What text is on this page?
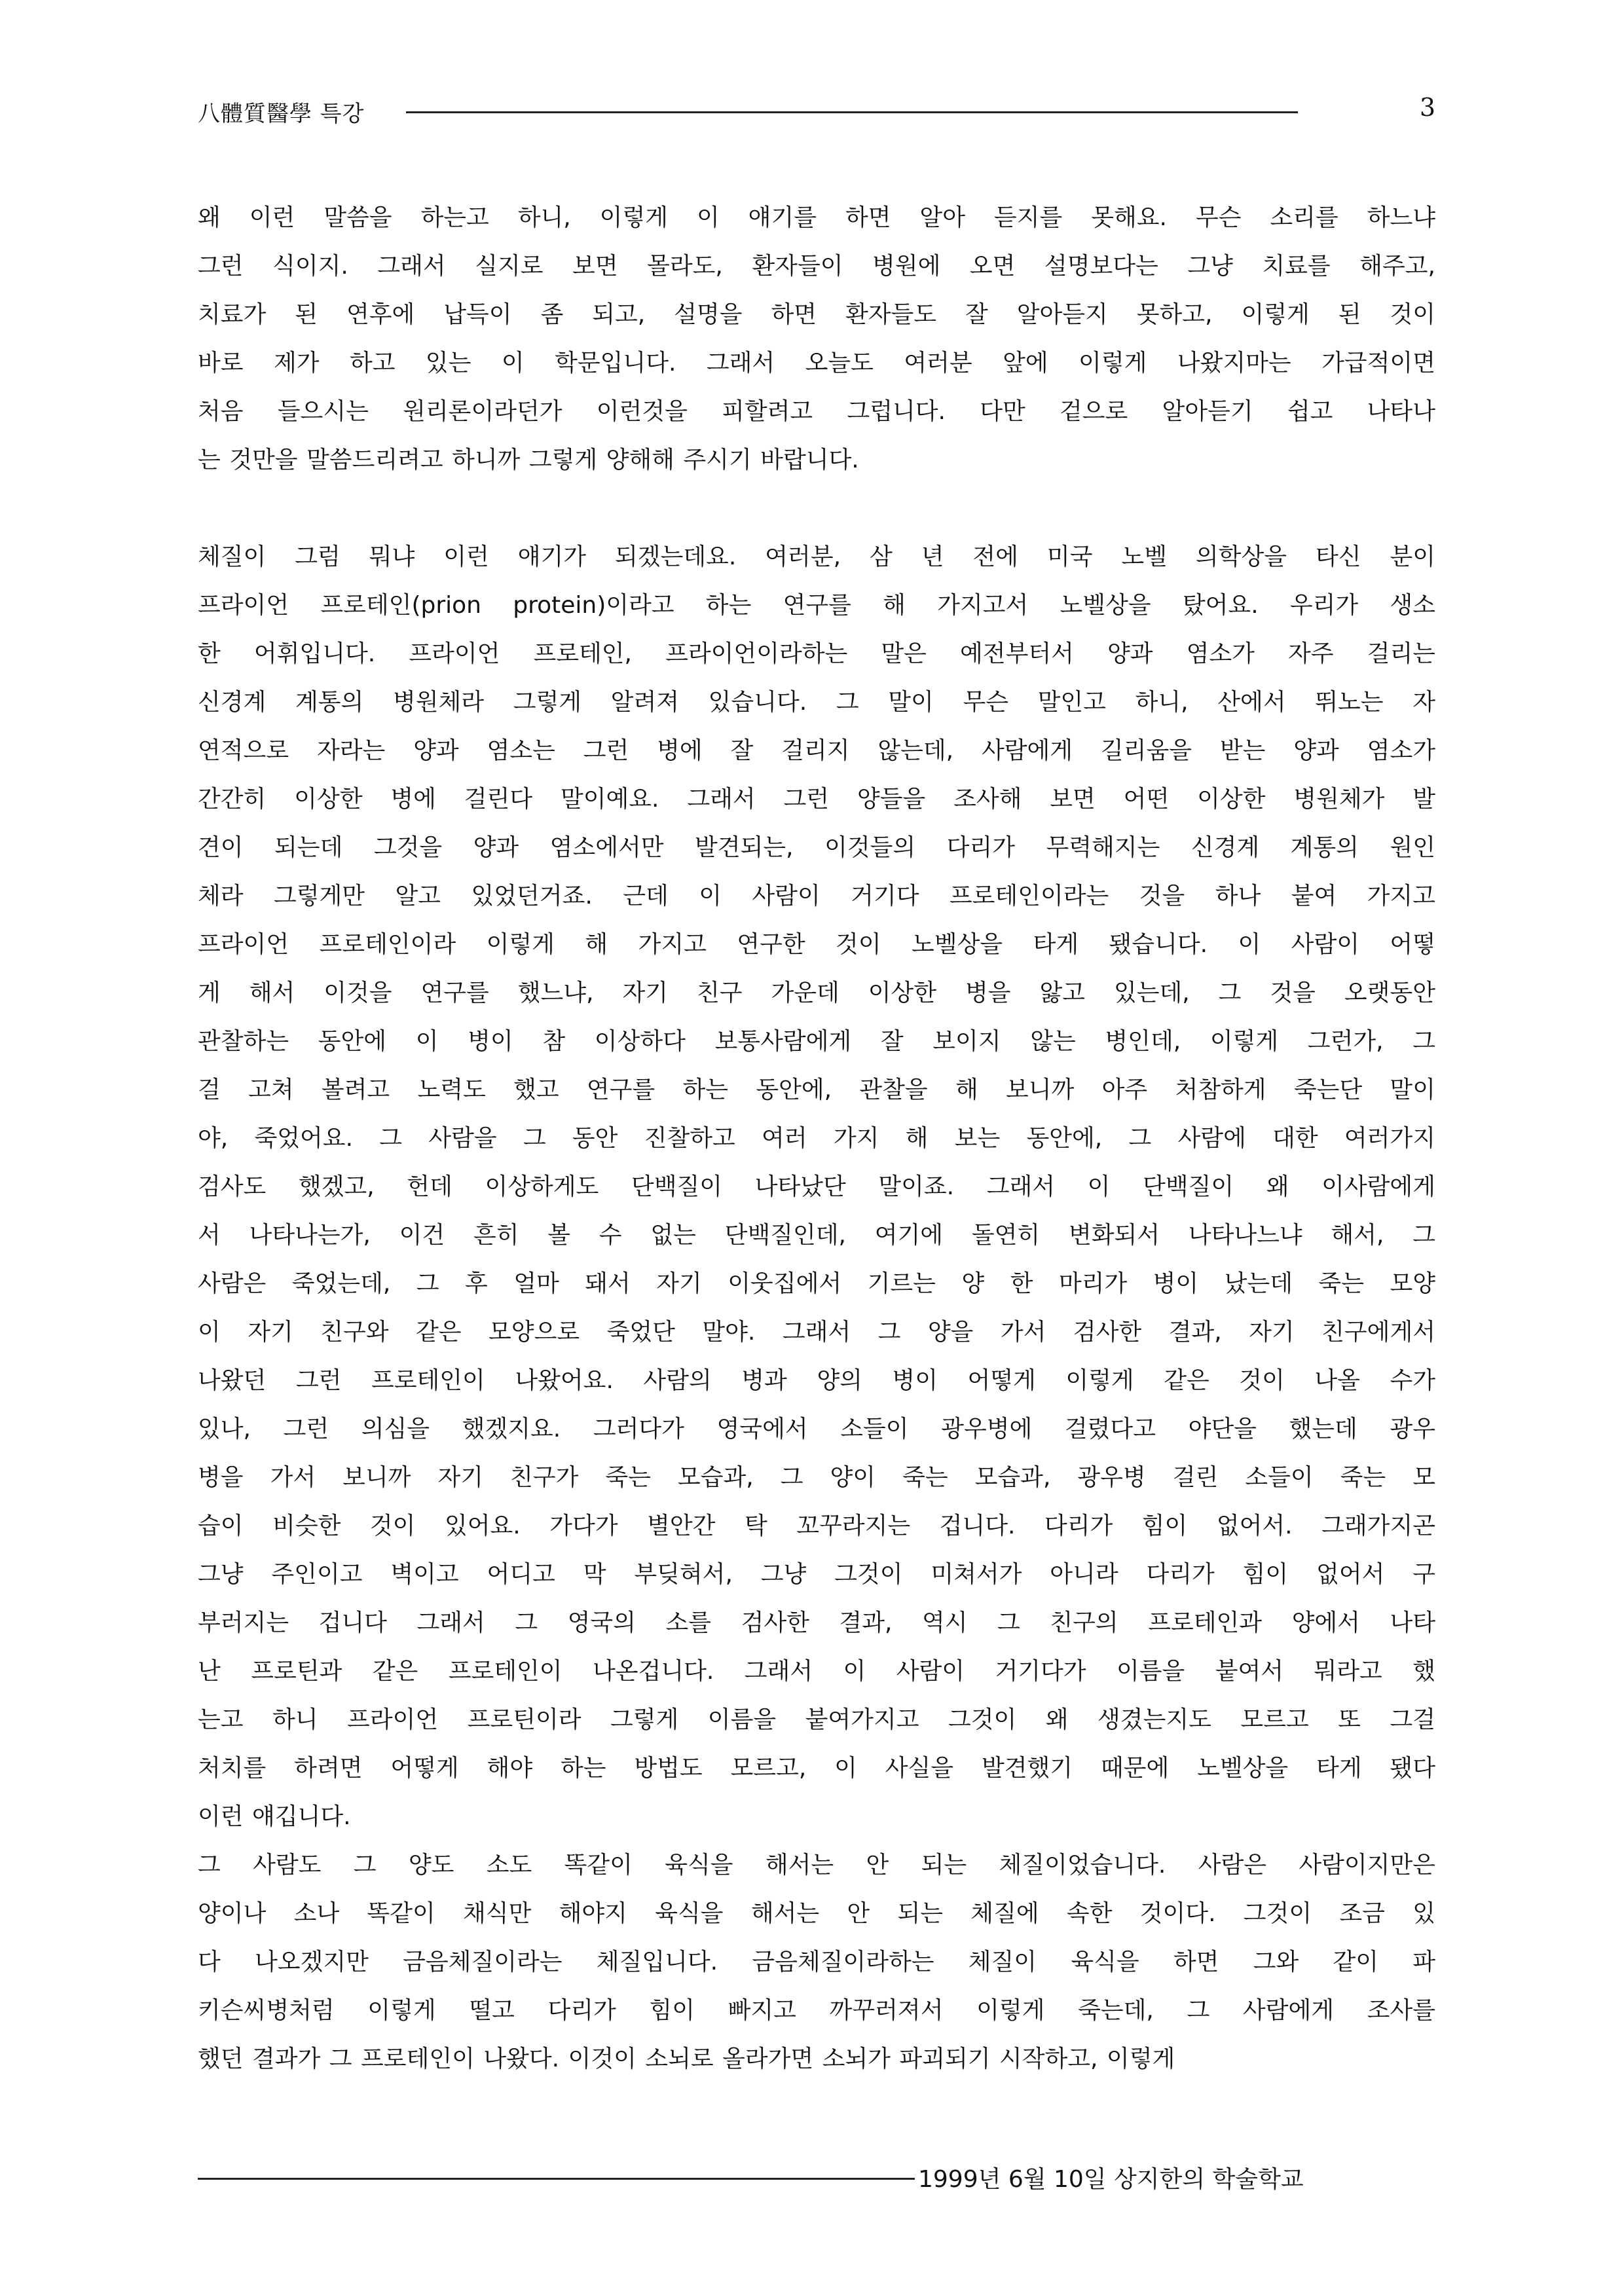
八體質醫學 특강	3
왜 이런 말씀을 하는고 하니, 이렇게 이 얘기를 하면 알아 듣지를 못해요. 무슨 소리를 하느냐
그런 식이지. 그래서 실지로 보면 몰라도, 환자들이 병원에 오면 설명보다는 그냥 치료를 해주고,
치료가 된 연후에 납득이 좀 되고, 설명을 하면 환자들도 잘 알아듣지 못하고, 이렇게 된 것이
바로 제가 하고 있는 이 학문입니다. 그래서 오늘도 여러분 앞에 이렇게 나왔지마는 가급적이면
처음 들으시는 원리론이라던가 이런것을 피할려고 그럽니다. 다만 겉으로 알아듣기 쉽고 나타나
는 것만을 말씀드리려고 하니까 그렇게 양해해 주시기 바랍니다.
체질이 그럼 뭐냐 이런 얘기가 되겠는데요. 여러분, 삼 년 전에 미국 노벨 의학상을 타신 분이
프라이언 프로테인(prion protein)이라고 하는 연구를 해 가지고서 노벨상을 탔어요. 우리가 생소
한 어휘입니다. 프라이언 프로테인, 프라이언이라하는 말은 예전부터서 양과 염소가 자주 걸리는
신경계 계통의 병원체라 그렇게 알려져 있습니다. 그 말이 무슨 말인고 하니, 산에서 뛰노는 자
연적으로 자라는 양과 염소는 그런 병에 잘 걸리지 않는데, 사람에게 길리움을 받는 양과 염소가
간간히 이상한 병에 걸린다 말이예요. 그래서 그런 양들을 조사해 보면 어떤 이상한 병원체가 발
견이 되는데 그것을 양과 염소에서만 발견되는, 이것들의 다리가 무력해지는 신경계 계통의 원인
체라 그렇게만 알고 있었던거죠. 근데 이 사람이 거기다 프로테인이라는 것을 하나 붙여 가지고
프라이언 프로테인이라 이렇게 해 가지고 연구한 것이 노벨상을 타게 됐습니다. 이 사람이 어떻
게 해서 이것을 연구를 했느냐, 자기 친구 가운데 이상한 병을 앓고 있는데, 그 것을 오랫동안
관찰하는 동안에 이 병이 참 이상하다 보통사람에게 잘 보이지 않는 병인데, 이렇게 그런가, 그
걸 고쳐 볼려고 노력도 했고 연구를 하는 동안에, 관찰을 해 보니까 아주 처참하게 죽는단 말이
야, 죽었어요. 그 사람을 그 동안 진찰하고 여러 가지 해 보는 동안에, 그 사람에 대한 여러가지
검사도 했겠고, 헌데 이상하게도 단백질이 나타났단 말이죠. 그래서 이 단백질이 왜 이사람에게
서 나타나는가, 이건 흔히 볼 수 없는 단백질인데, 여기에 돌연히 변화되서 나타나느냐 해서, 그
사람은 죽었는데, 그 후 얼마 돼서 자기 이웃집에서 기르는 양 한 마리가 병이 났는데 죽는 모양
이 자기 친구와 같은 모양으로 죽었단 말야. 그래서 그 양을 가서 검사한 결과, 자기 친구에게서
나왔던 그런 프로테인이 나왔어요. 사람의 병과 양의 병이 어떻게 이렇게 같은 것이 나올 수가
있나, 그런 의심을 했겠지요. 그러다가 영국에서 소들이 광우병에 걸렸다고 야단을 했는데 광우
병을 가서 보니까 자기 친구가 죽는 모습과, 그 양이 죽는 모습과, 광우병 걸린 소들이 죽는 모
습이 비슷한 것이 있어요. 가다가 별안간 탁 꼬꾸라지는 겁니다. 다리가 힘이 없어서. 그래가지곤
그냥 주인이고 벽이고 어디고 막 부딪혀서, 그냥 그것이 미쳐서가 아니라 다리가 힘이 없어서 구
부러지는 겁니다 그래서 그 영국의 소를 검사한 결과, 역시 그 친구의 프로테인과 양에서 나타
난 프로틴과 같은 프로테인이 나온겁니다. 그래서 이 사람이 거기다가 이름을 붙여서 뭐라고 했
는고 하니 프라이언 프로틴이라 그렇게 이름을 붙여가지고 그것이 왜 생겼는지도 모르고 또 그걸
처치를 하려면 어떻게 해야 하는 방법도 모르고, 이 사실을 발견했기 때문에 노벨상을 타게 됐다
이런 얘깁니다.
그 사람도 그 양도 소도 똑같이 육식을 해서는 안 되는 체질이었습니다. 사람은 사람이지만은
양이나 소나 똑같이 채식만 해야지 육식을 해서는 안 되는 체질에 속한 것이다. 그것이 조금 있
다 나오겠지만 금음체질이라는 체질입니다. 금음체질이라하는 체질이 육식을 하면 그와 같이 파
키슨씨병처럼 이렇게 떨고 다리가 힘이 빠지고 까꾸러져서 이렇게 죽는데, 그 사람에게 조사를
했던 결과가 그 프로테인이 나왔다. 이것이 소뇌로 올라가면 소뇌가 파괴되기 시작하고, 이렇게
1999년 6월 10일 상지한의 학술학교
